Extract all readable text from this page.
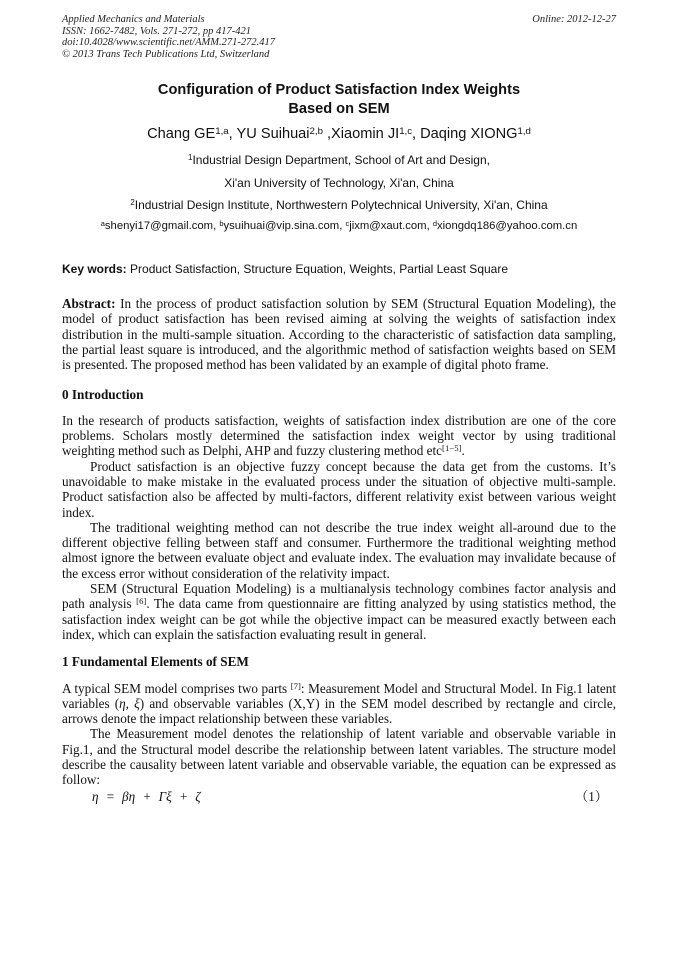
Applied Mechanics and Materials
ISSN: 1662-7482, Vols. 271-272, pp 417-421
doi:10.4028/www.scientific.net/AMM.271-272.417
© 2013 Trans Tech Publications Ltd, Switzerland
Online: 2012-12-27
Configuration of Product Satisfaction Index Weights
Based on SEM
Chang GE$^{1,a}$, YU Suihuai$^{2,b}$ ,Xiaomin JI$^{1,c}$, Daqing XIONG$^{1,d}$
$^1$Industrial Design Department, School of Art and Design,
Xi'an University of Technology, Xi'an, China
$^2$Industrial Design Institute, Northwestern Polytechnical University, Xi'an, China
$^a$shenyi17@gmail.com, $^b$ysuihuai@vip.sina.com, $^c$jixm@xaut.com, $^d$xiongdq186@yahoo.com.cn
Key words: Product Satisfaction, Structure Equation, Weights, Partial Least Square

Abstract: In the process of product satisfaction solution by SEM (Structural Equation Modeling), the model of product satisfaction has been revised aiming at solving the weights of satisfaction index distribution in the multi-sample situation. According to the characteristic of satisfaction data sampling, the partial least square is introduced, and the algorithmic method of satisfaction weights based on SEM is presented. The proposed method has been validated by an example of digital photo frame.

0 Introduction

In the research of products satisfaction, weights of satisfaction index distribution are one of the core problems. Scholars mostly determined the satisfaction index weight vector by using traditional weighting method such as Delphi, AHP and fuzzy clustering method etc[1−5].

Product satisfaction is an objective fuzzy concept because the data get from the customs. It’s unavoidable to make mistake in the evaluated process under the situation of objective multi-sample. Product satisfaction also be affected by multi-factors, different relativity exist between various weight index.

The traditional weighting method can not describe the true index weight all-around due to the different objective felling between staff and consumer. Furthermore the traditional weighting method almost ignore the between evaluate object and evaluate index. The evaluation may invalidate because of the excess error without consideration of the relativity impact.

SEM (Structural Equation Modeling) is a multianalysis technology combines factor analysis and path analysis [6]. The data came from questionnaire are fitting analyzed by using statistics method, the satisfaction index weight can be got while the objective impact can be measured exactly between each index, which can explain the satisfaction evaluating result in general.

1 Fundamental Elements of SEM

A typical SEM model comprises two parts [7]: Measurement Model and Structural Model. In Fig.1 latent variables (η, ξ) and observable variables (X,Y) in the SEM model described by rectangle and circle, arrows denote the impact relationship between these variables.

The Measurement model denotes the relationship of latent variable and observable variable in Fig.1, and the Structural model describe the relationship between latent variables. The structure model describe the causality between latent variable and observable variable, the equation can be expressed as follow:

η = βη + Γξ + ζ	（1）
